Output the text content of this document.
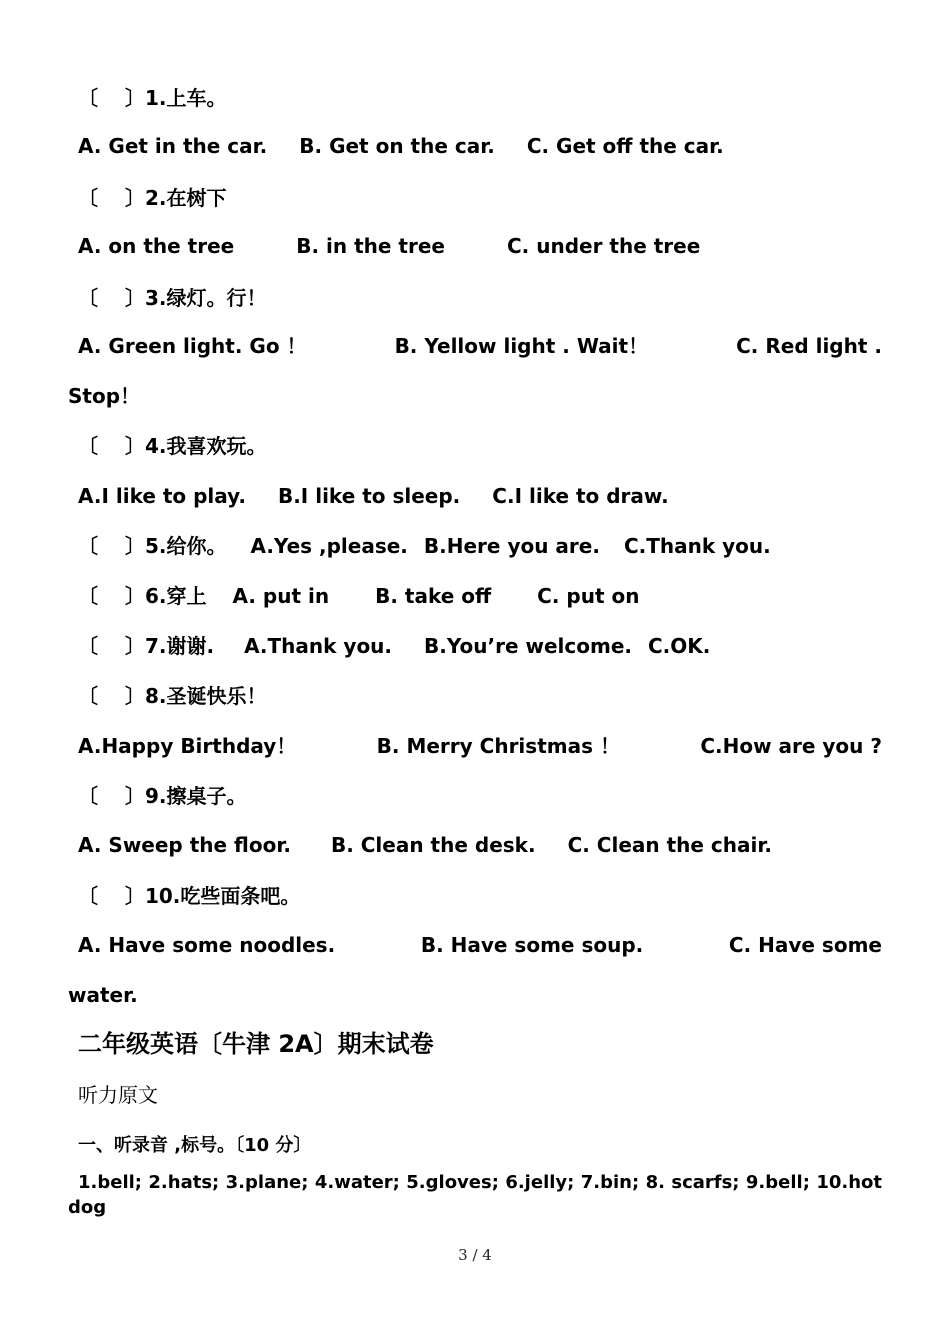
〔　 〕1.上车。
A. Get in the car. B. Get on the car. C. Get off the car.
〔　 〕2.在树下
A. on the tree	B. in the tree	C. under the tree
〔　 〕3.绿灯。行！
A. Green light. Go ！	B. Yellow light . Wait！	C. Red light .
Stop！
〔　 〕4.我喜欢玩。
A.I like to play. B.I like to sleep. C.I like to draw.
〔　 〕5.给你。 A.Yes ,please. B.Here you are. C.Thank you.
〔　 〕6.穿上 A. put in B. take off C. put on
〔　 〕7.谢谢. A.Thank you. B.You’re welcome. C.OK.
〔　 〕8.圣诞快乐！
A.Happy Birthday！	B. Merry Christmas ！	C.How are you ?
〔　 〕9.擦桌子。
A. Sweep the floor. B. Clean the desk. C. Clean the chair.
〔　 〕10.吃些面条吧。
A. Have some noodles.	B. Have some soup.	C. Have some
water.
二年级英语〔牛津 2A〕期末试卷
听力原文
一、听录音 ,标号。〔10 分〕
1.bell; 2.hats; 3.plane; 4.water; 5.gloves; 6.jelly; 7.bin; 8. scarfs; 9.bell; 10.hot dog
3 / 4
